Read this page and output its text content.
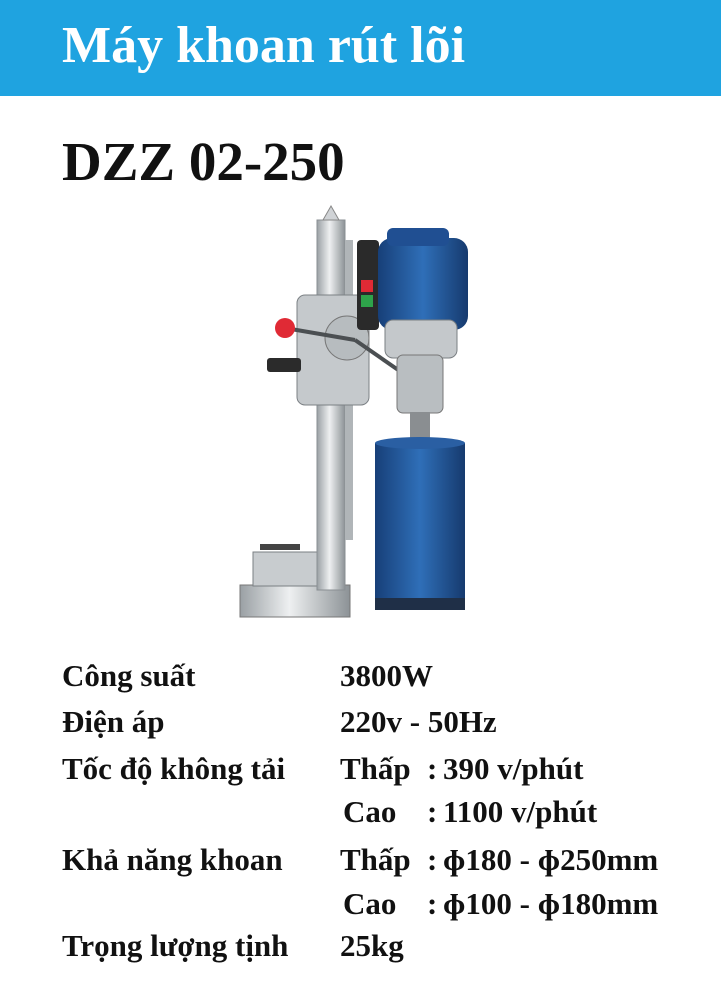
Máy khoan rút lõi
DZZ 02-250
Công suất	3800W
Điện áp	220v - 50Hz
Tốc độ không tải Thấp : 390 v/phút
Cao : 1100 v/phút
Khả năng khoan Thấp : ɸ180 - ɸ250mm
Cao : ɸ100 - ɸ180mm
Trọng lượng tịnh 25kg
